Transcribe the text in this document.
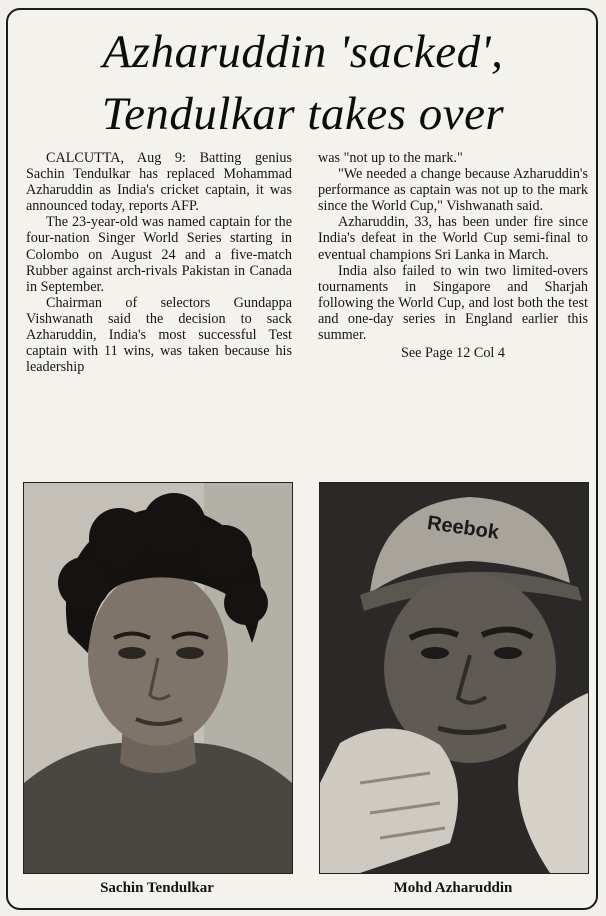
Azharuddin 'sacked',
Tendulkar takes over

CALCUTTA, Aug 9: Batting genius Sachin Tendulkar has replaced Mohammad Azharuddin as India's cricket captain, it was announced today, reports AFP.

The 23-year-old was named captain for the four-nation Singer World Series starting in Colombo on August 24 and a five-match Rubber against arch-rivals Pakistan in Canada in September.

Chairman of selectors Gundappa Vishwanath said the decision to sack Azharuddin, India's most successful Test captain with 11 wins, was taken because his leadership

was "not up to the mark."

"We needed a change because Azharuddin's performance as captain was not up to the mark since the World Cup," Vishwanath said.

Azharuddin, 33, has been under fire since India's defeat in the World Cup semi-final to eventual champions Sri Lanka in March.

India also failed to win two limited-overs tournaments in Singapore and Sharjah following the World Cup, and lost both the test and one-day series in England earlier this summer.

See Page 12 Col 4

Reebok
Sachin Tendulkar	Mohd Azharuddin
